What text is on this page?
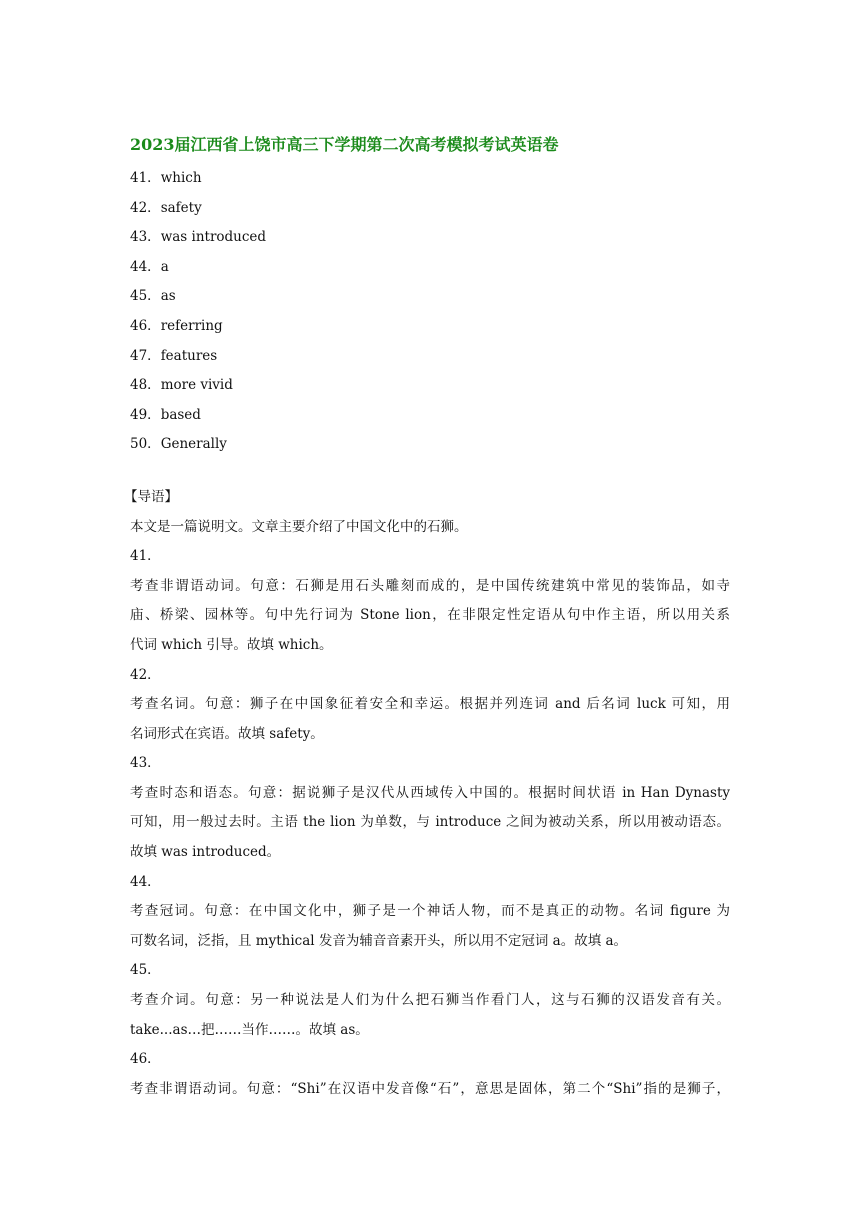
2023届江西省上饶市高三下学期第二次高考模拟考试英语卷
41．which
42．safety
43．was introduced
44．a
45．as
46．referring
47．features
48．more vivid
49．based
50．Generally
【导语】
本文是一篇说明文。文章主要介绍了中国文化中的石狮。
41．
考查非谓语动词。句意：石狮是用石头雕刻而成的，是中国传统建筑中常见的装饰品，如寺
庙、桥梁、园林等。句中先行词为 Stone lion，在非限定性定语从句中作主语，所以用关系
代词 which 引导。故填 which。
42．
考查名词。句意：狮子在中国象征着安全和幸运。根据并列连词 and 后名词 luck 可知，用
名词形式在宾语。故填 safety。
43．
考查时态和语态。句意：据说狮子是汉代从西域传入中国的。根据时间状语 in Han Dynasty
可知，用一般过去时。主语 the lion 为单数，与 introduce 之间为被动关系，所以用被动语态。
故填 was introduced。
44．
考查冠词。句意：在中国文化中，狮子是一个神话人物，而不是真正的动物。名词 figure 为
可数名词，泛指，且 mythical 发音为辅音音素开头，所以用不定冠词 a。故填 a。
45．
考查介词。句意：另一种说法是人们为什么把石狮当作看门人，这与石狮的汉语发音有关。
take...as…把……当作……。故填 as。
46．
考查非谓语动词。句意：“Shi”在汉语中发音像“石”，意思是固体，第二个“Shi”指的是狮子，
